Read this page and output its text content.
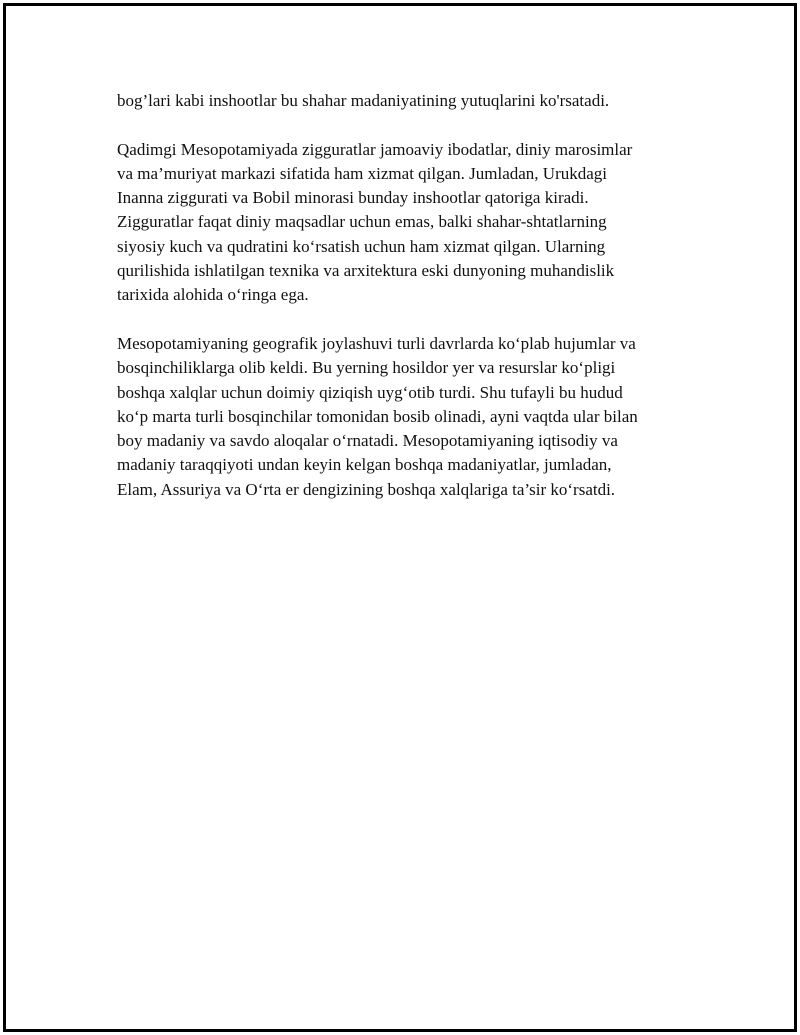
bog’lari kabi inshootlar bu shahar madaniyatining yutuqlarini ko'rsatadi.

Qadimgi Mesopotamiyada zigguratlar jamoaviy ibodatlar, diniy marosimlar
va ma’muriyat markazi sifatida ham xizmat qilgan. Jumladan, Urukdagi
Inanna ziggurati va Bobil minorasi bunday inshootlar qatoriga kiradi.
Zigguratlar faqat diniy maqsadlar uchun emas, balki shahar-shtatlarning
siyosiy kuch va qudratini ko‘rsatish uchun ham xizmat qilgan. Ularning
qurilishida ishlatilgan texnika va arxitektura eski dunyoning muhandislik
tarixida alohida o‘ringa ega.

Mesopotamiyaning geografik joylashuvi turli davrlarda ko‘plab hujumlar va
bosqinchiliklarga olib keldi. Bu yerning hosildor yer va resurslar ko‘pligi
boshqa xalqlar uchun doimiy qiziqish uyg‘otib turdi. Shu tufayli bu hudud
ko‘p marta turli bosqinchilar tomonidan bosib olinadi, ayni vaqtda ular bilan
boy madaniy va savdo aloqalar o‘rnatadi. Mesopotamiyaning iqtisodiy va
madaniy taraqqiyoti undan keyin kelgan boshqa madaniyatlar, jumladan,
Elam, Assuriya va O‘rta er dengizining boshqa xalqlariga ta’sir ko‘rsatdi.
